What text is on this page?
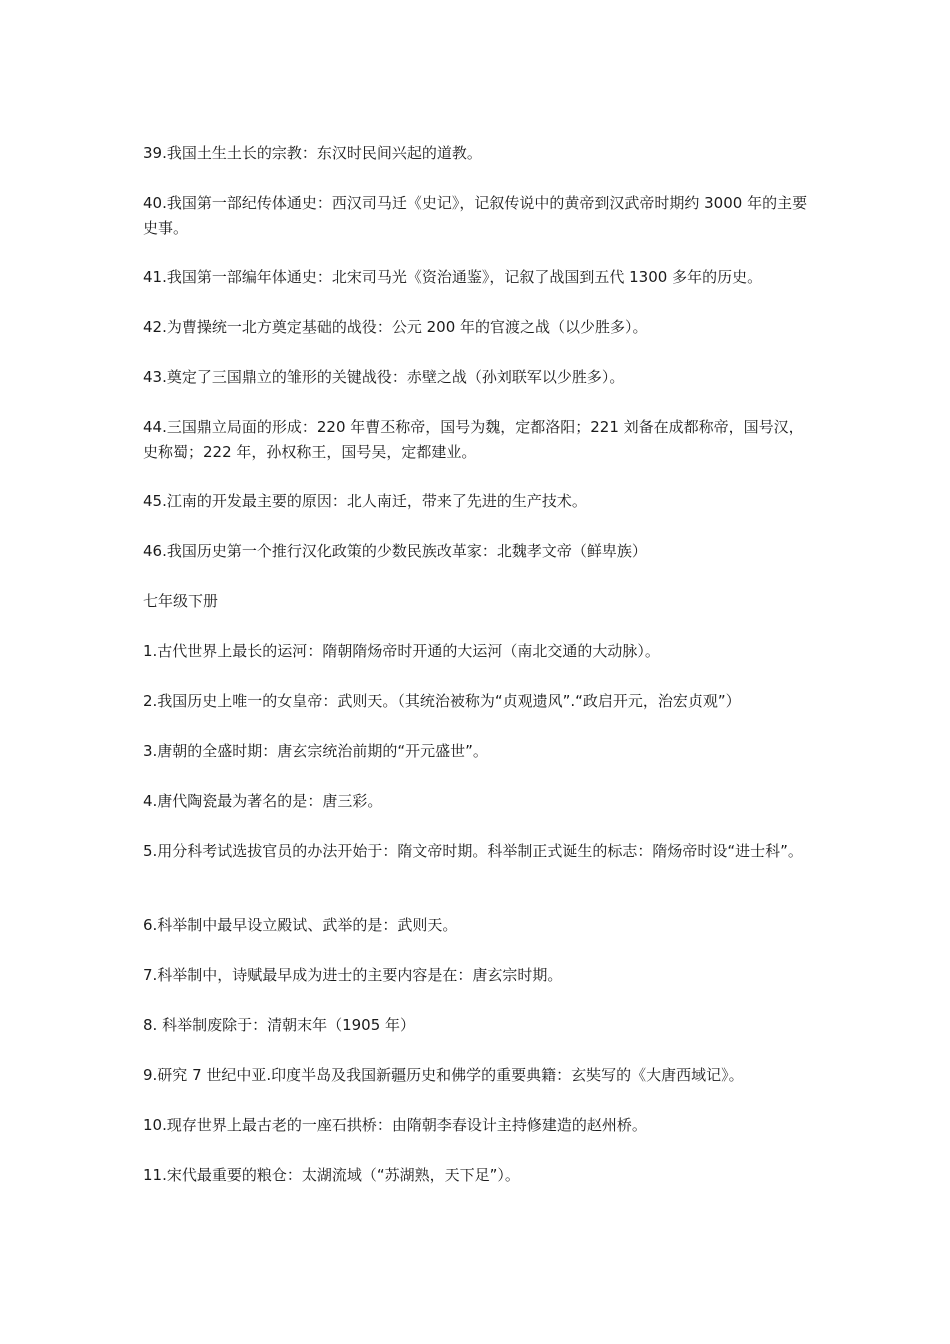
39.我国土生土长的宗教：东汉时民间兴起的道教。

40.我国第一部纪传体通史：西汉司马迁《史记》，记叙传说中的黄帝到汉武帝时期约 3000 年的主要史事。

41.我国第一部编年体通史：北宋司马光《资治通鉴》，记叙了战国到五代 1300 多年的历史。

42.为曹操统一北方奠定基础的战役：公元 200 年的官渡之战（以少胜多）。

43.奠定了三国鼎立的雏形的关键战役：赤壁之战（孙刘联军以少胜多）。

44.三国鼎立局面的形成：220 年曹丕称帝，国号为魏，定都洛阳；221 刘备在成都称帝，国号汉，史称蜀；222 年，孙权称王，国号吴，定都建业。

45.江南的开发最主要的原因：北人南迁，带来了先进的生产技术。

46.我国历史第一个推行汉化政策的少数民族改革家：北魏孝文帝（鲜卑族）

七年级下册

1.古代世界上最长的运河：隋朝隋炀帝时开通的大运河（南北交通的大动脉）。

2.我国历史上唯一的女皇帝：武则天。（其统治被称为“贞观遗风”.“政启开元，治宏贞观”）

3.唐朝的全盛时期：唐玄宗统治前期的“开元盛世”。

4.唐代陶瓷最为著名的是：唐三彩。

5.用分科考试选拔官员的办法开始于：隋文帝时期。科举制正式诞生的标志：隋炀帝时设“进士科”。

6.科举制中最早设立殿试、武举的是：武则天。

7.科举制中，诗赋最早成为进士的主要内容是在：唐玄宗时期。

8. 科举制废除于：清朝末年（1905 年）

9.研究 7 世纪中亚.印度半岛及我国新疆历史和佛学的重要典籍：玄奘写的《大唐西域记》。

10.现存世界上最古老的一座石拱桥：由隋朝李春设计主持修建造的赵州桥。

11.宋代最重要的粮仓：太湖流域（“苏湖熟，天下足”）。
